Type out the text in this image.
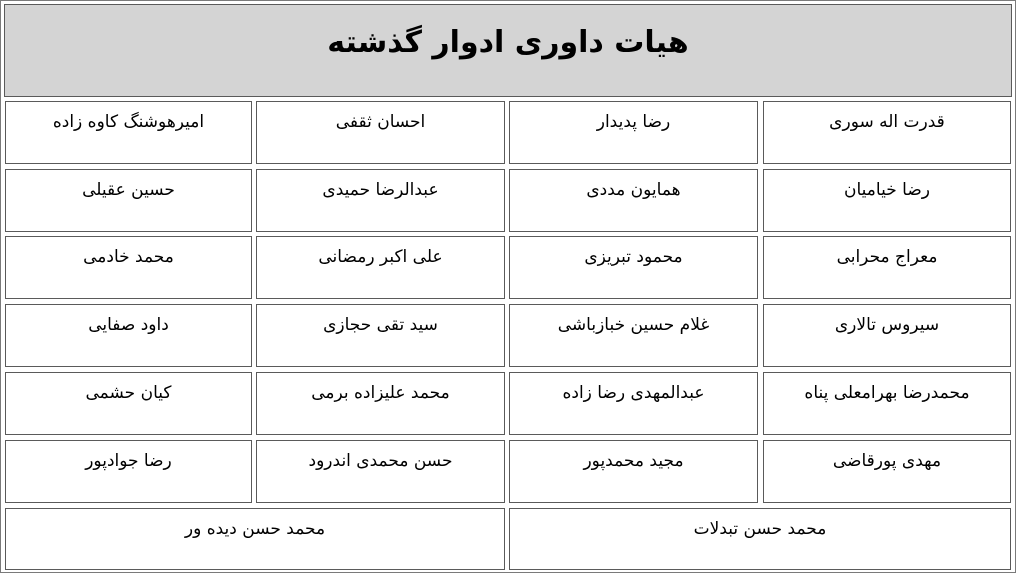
هیات داوری ادوار گذشته
قدرت اله سوری
رضا پدیدار
احسان ثقفی
امیرهوشنگ کاوه زاده
رضا خیامیان
همایون مددی
عبدالرضا حمیدی
حسین عقیلی
معراج محرابی
محمود تبریزی
علی اکبر رمضانی
محمد خادمی
سیروس تالاری
غلام حسین خبازباشی
سید تقی حجازی
داود صفایی
محمدرضا بهرامعلی پناه
عبدالمهدی رضا زاده
محمد علیزاده برمی
کیان حشمی
مهدی پورقاضی
مجید محمدپور
حسن محمدی اندرود
رضا جوادپور
محمد حسن تبدلات
محمد حسن دیده ور
